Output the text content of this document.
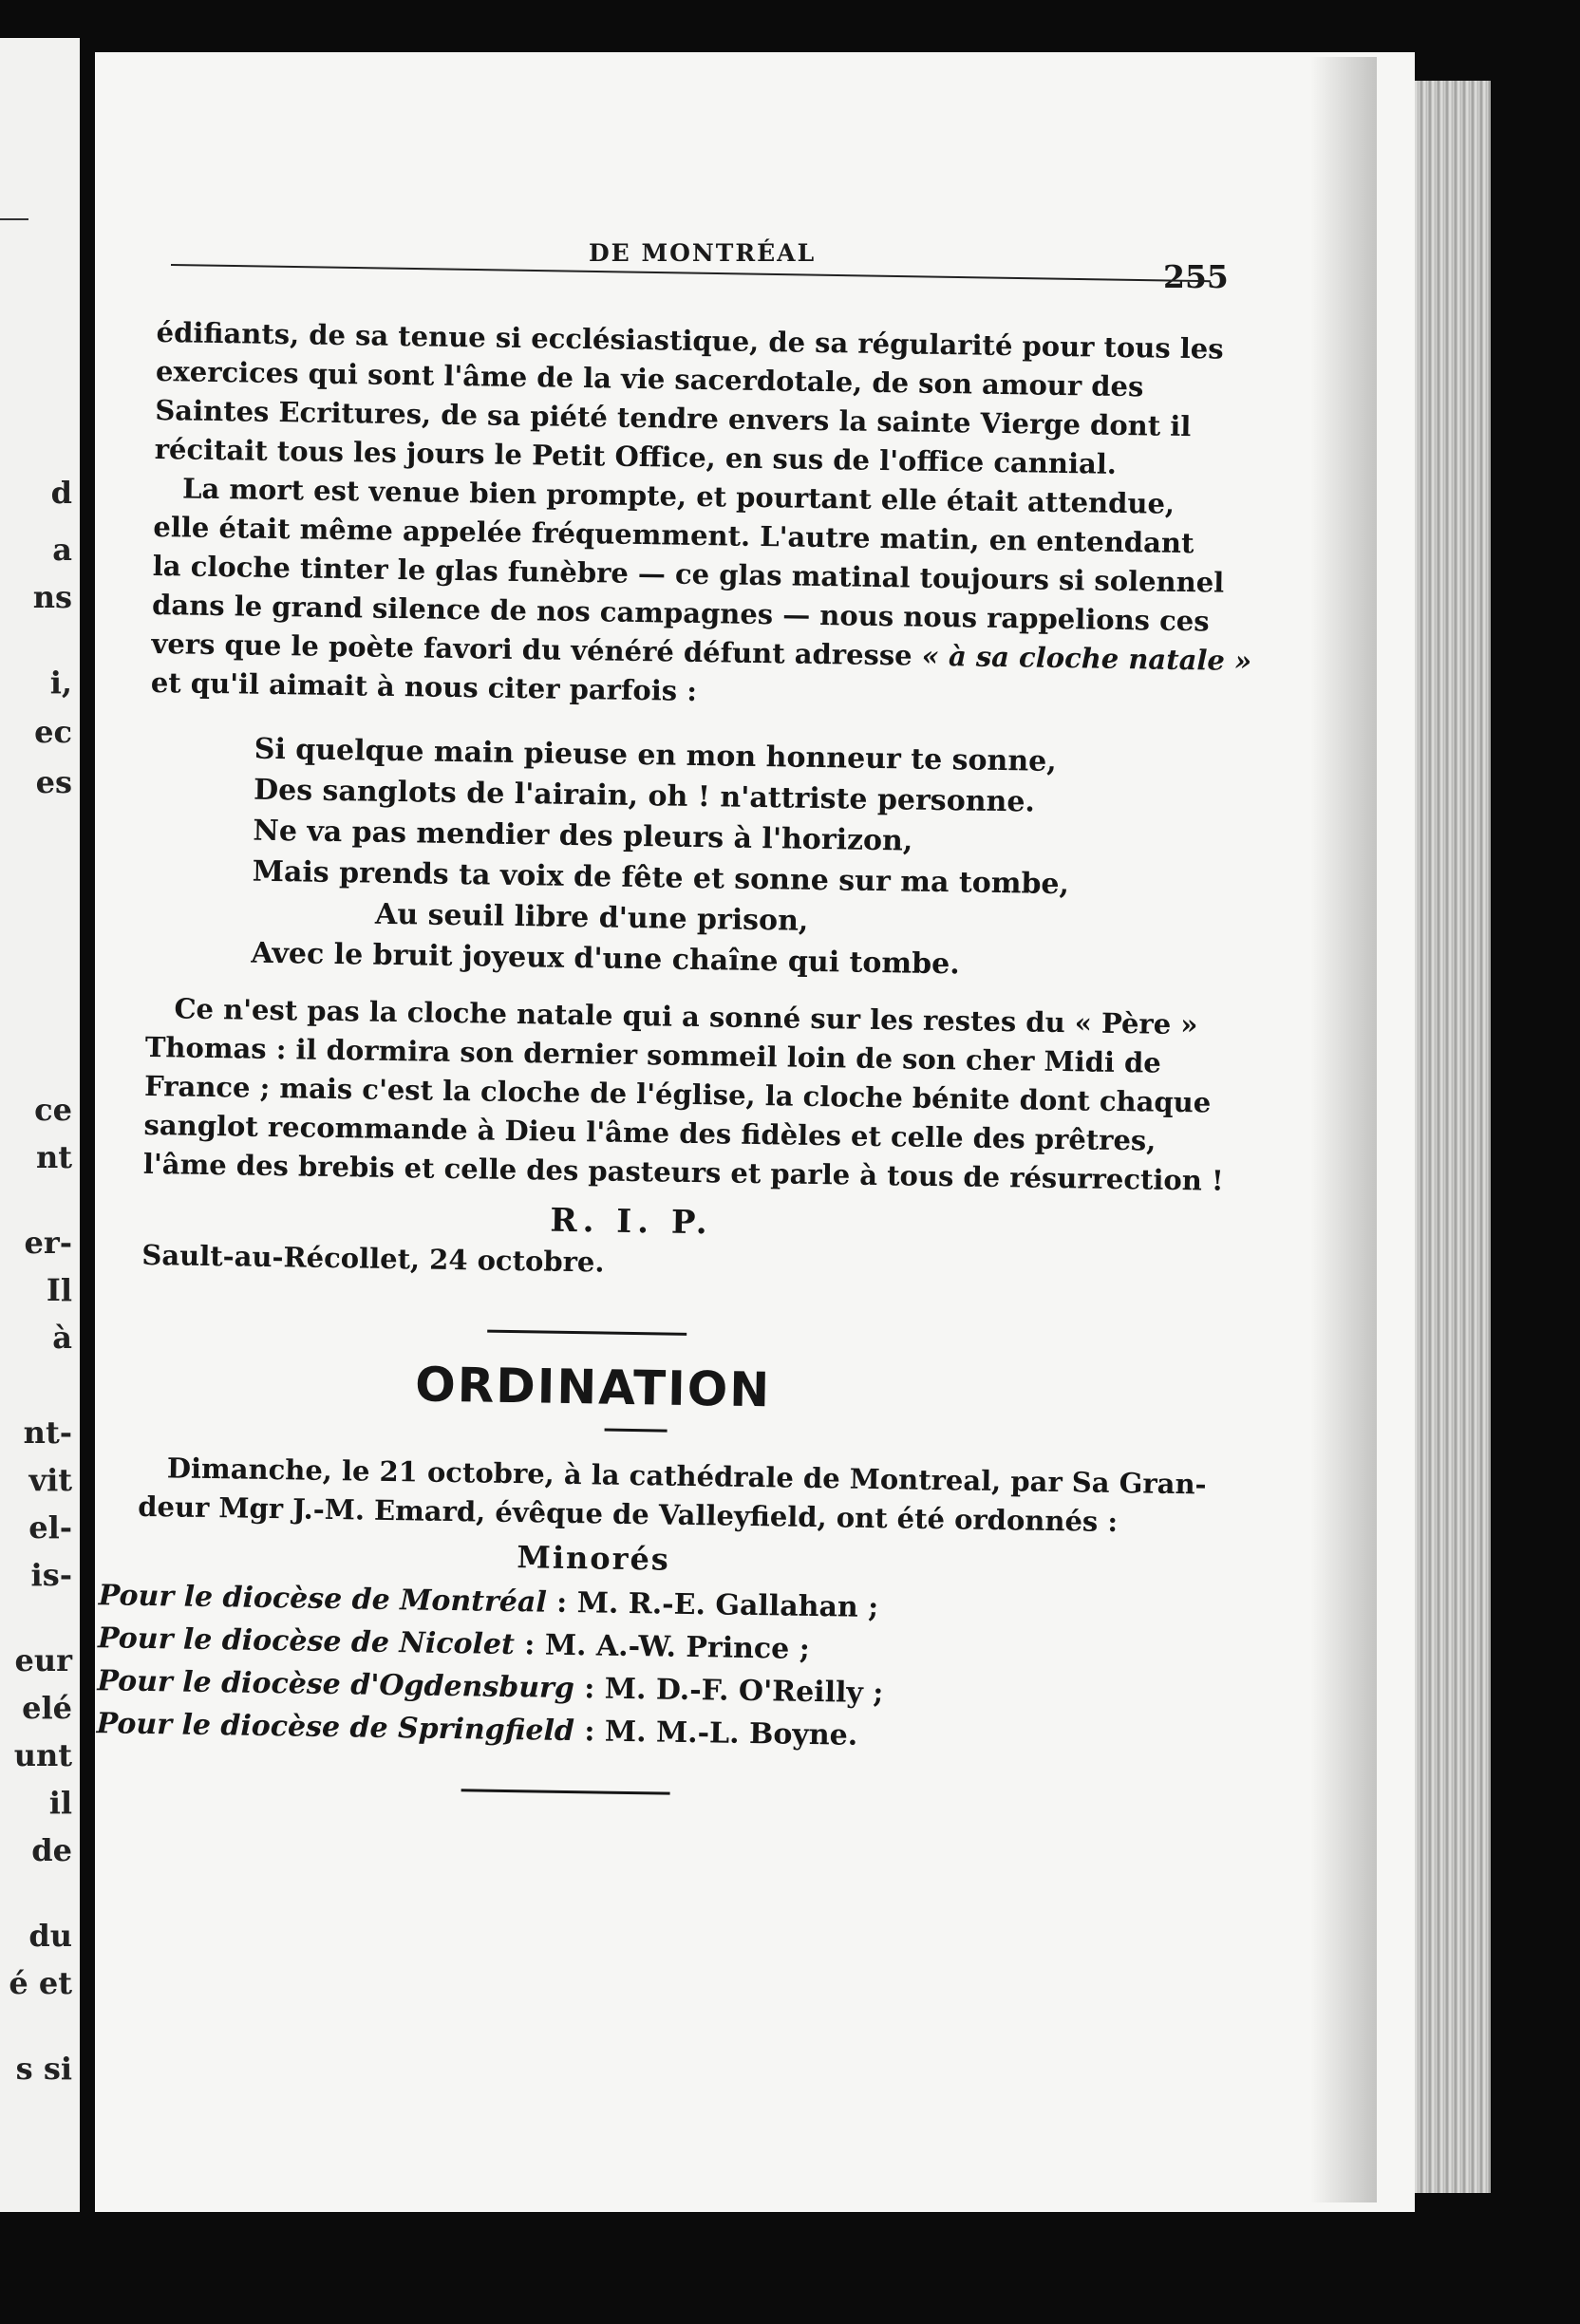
d
a
ns
i,
ec
es
ce
nt
er-
Il
à
nt-
vit
el-
is-
eur
elé
unt
il
de
du
é et
s si
DE MONTRÉAL
255

édifiants, de sa tenue si ecclésiastique, de sa régularité pour tous les
exercices qui sont l'âme de la vie sacerdotale, de son amour des
Saintes Ecritures, de sa piété tendre envers la sainte Vierge dont il
récitait tous les jours le Petit Office, en sus de l'office cannial.

La mort est venue bien prompte, et pourtant elle était attendue,
elle était même appelée fréquemment. L'autre matin, en entendant
la cloche tinter le glas funèbre — ce glas matinal toujours si solennel
dans le grand silence de nos campagnes — nous nous rappelions ces
vers que le poète favori du vénéré défunt adresse « à sa cloche natale »
et qu'il aimait à nous citer parfois :

Si quelque main pieuse en mon honneur te sonne,
Des sanglots de l'airain, oh ! n'attriste personne.
Ne va pas mendier des pleurs à l'horizon,
Mais prends ta voix de fête et sonne sur ma tombe,
Au seuil libre d'une prison,
Avec le bruit joyeux d'une chaîne qui tombe.

Ce n'est pas la cloche natale qui a sonné sur les restes du « Père »
Thomas : il dormira son dernier sommeil loin de son cher Midi de
France ; mais c'est la cloche de l'église, la cloche bénite dont chaque
sanglot recommande à Dieu l'âme des fidèles et celle des prêtres,
l'âme des brebis et celle des pasteurs et parle à tous de résurrection !

R. I. P.
Sault-au-Récollet, 24 octobre.
ORDINATION

Dimanche, le 21 octobre, à la cathédrale de Montreal, par Sa Gran-
deur Mgr J.-M. Emard, évêque de Valleyfield, ont été ordonnés :

Minorés
Pour le diocèse de Montréal : M. R.-E. Gallahan ;
Pour le diocèse de Nicolet : M. A.-W. Prince ;
Pour le diocèse d'Ogdensburg : M. D.-F. O'Reilly ;
Pour le diocèse de Springfield : M. M.-L. Boyne.
